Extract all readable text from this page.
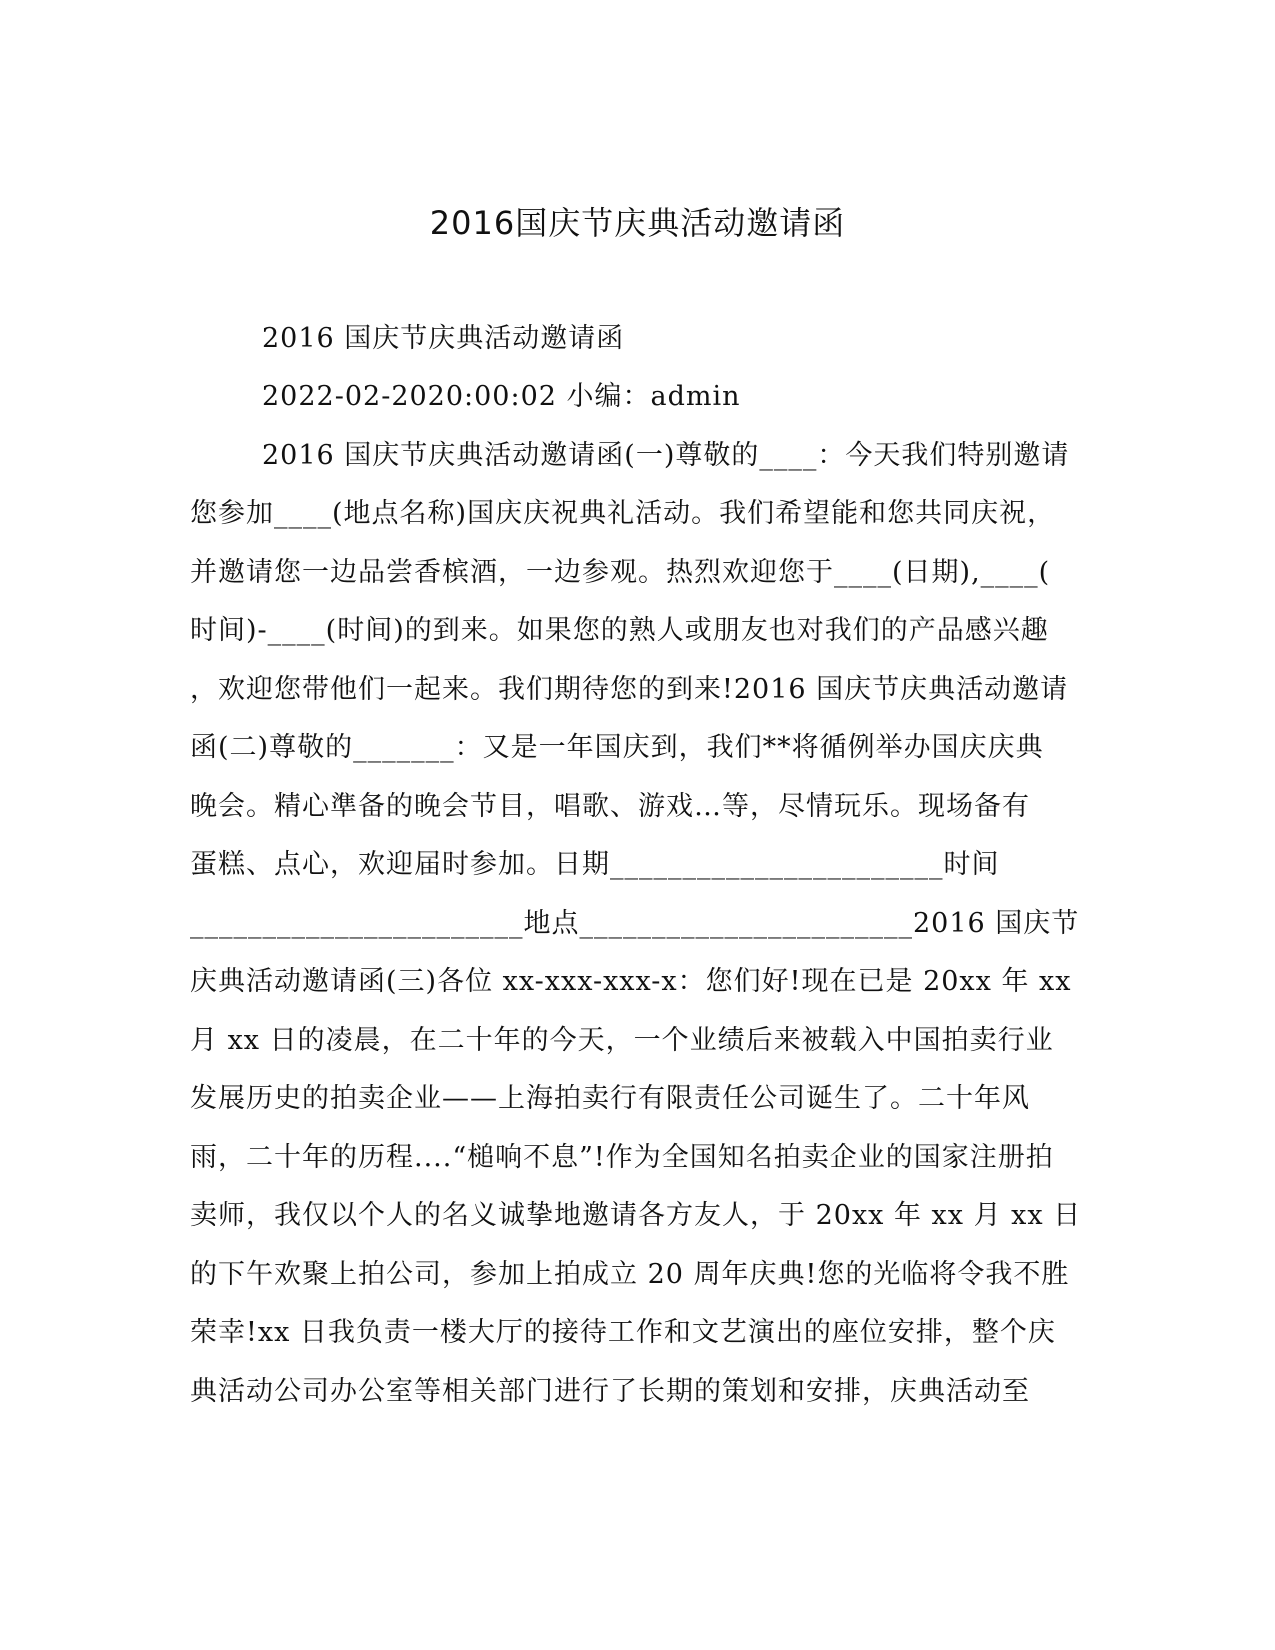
2016国庆节庆典活动邀请函
2016 国庆节庆典活动邀请函
2022-02-2020:00:02 小编：admin
2016 国庆节庆典活动邀请函(一)尊敬的____：今天我们特别邀请
您参加____(地点名称)国庆庆祝典礼活动。我们希望能和您共同庆祝，
并邀请您一边品尝香槟酒，一边参观。热烈欢迎您于____(日期),____(
时间)-____(时间)的到来。如果您的熟人或朋友也对我们的产品感兴趣
，欢迎您带他们一起来。我们期待您的到来!2016 国庆节庆典活动邀请
函(二)尊敬的_______：又是一年国庆到，我们**将循例举办国庆庆典
晚会。精心準备的晚会节目，唱歌、游戏…等，尽情玩乐。现场备有
蛋糕、点心，欢迎届时参加。日期_______________________时间
_______________________地点_______________________2016 国庆节
庆典活动邀请函(三)各位 xx-xxx-xxx-x：您们好!现在已是 20xx 年 xx
月 xx 日的凌晨，在二十年的今天，一个业绩后来被载入中国拍卖行业
发展历史的拍卖企业——上海拍卖行有限责任公司诞生了。二十年风
雨，二十年的历程....“槌响不息”!作为全国知名拍卖企业的国家注册拍
卖师，我仅以个人的名义诚挚地邀请各方友人，于 20xx 年 xx 月 xx 日
的下午欢聚上拍公司，参加上拍成立 20 周年庆典!您的光临将令我不胜
荣幸!xx 日我负责一楼大厅的接待工作和文艺演出的座位安排，整个庆
典活动公司办公室等相关部门进行了长期的策划和安排，庆典活动至
